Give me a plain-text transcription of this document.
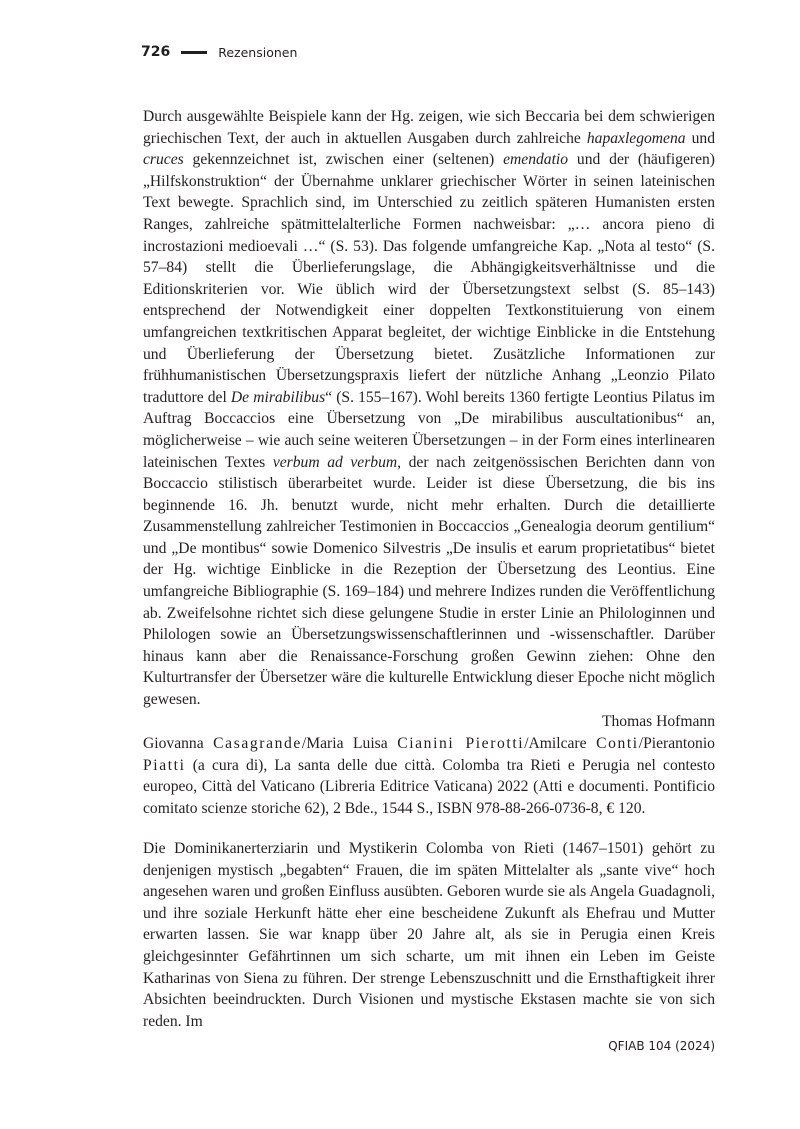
726	Rezensionen

Durch ausgewählte Beispiele kann der Hg. zeigen, wie sich Beccaria bei dem schwierigen griechischen Text, der auch in aktuellen Ausgaben durch zahlreiche hapaxlegomena und cruces gekennzeichnet ist, zwischen einer (seltenen) emendatio und der (häufigeren) „Hilfskonstruktion“ der Übernahme unklarer griechischer Wörter in seinen lateinischen Text bewegte. Sprachlich sind, im Unterschied zu zeitlich späteren Humanisten ersten Ranges, zahlreiche spätmittelalterliche Formen nachweisbar: „… ancora pieno di incrostazioni medioevali …“ (S. 53). Das folgende umfangreiche Kap. „Nota al testo“ (S. 57–84) stellt die Überlieferungslage, die Abhängigkeitsverhältnisse und die Editionskriterien vor. Wie üblich wird der Übersetzungstext selbst (S. 85–143) entsprechend der Notwendigkeit einer doppelten Textkonstituierung von einem umfangreichen textkritischen Apparat begleitet, der wichtige Einblicke in die Entstehung und Überlieferung der Übersetzung bietet. Zusätzliche Informationen zur frühhumanistischen Übersetzungspraxis liefert der nützliche Anhang „Leonzio Pilato traduttore del De mirabilibus“ (S. 155–167). Wohl bereits 1360 fertigte Leontius Pilatus im Auftrag Boccaccios eine Übersetzung von „De mirabilibus auscultationibus“ an, möglicherweise – wie auch seine weiteren Übersetzungen – in der Form eines interlinearen lateinischen Textes verbum ad verbum, der nach zeitgenössischen Berichten dann von Boccaccio stilistisch überarbeitet wurde. Leider ist diese Übersetzung, die bis ins beginnende 16. Jh. benutzt wurde, nicht mehr erhalten. Durch die detaillierte Zusammenstellung zahlreicher Testimonien in Boccaccios „Genealogia deorum gentilium“ und „De montibus“ sowie Domenico Silvestris „De insulis et earum proprietatibus“ bietet der Hg. wichtige Einblicke in die Rezeption der Übersetzung des Leontius. Eine umfangreiche Bibliographie (S. 169–184) und mehrere Indizes runden die Veröffentlichung ab. Zweifelsohne richtet sich diese gelungene Studie in erster Linie an Philologinnen und Philologen sowie an Übersetzungswissenschaftlerinnen und -wissenschaftler. Darüber hinaus kann aber die Renaissance-Forschung großen Gewinn ziehen: Ohne den Kulturtransfer der Übersetzer wäre die kulturelle Entwicklung dieser Epoche nicht möglich gewesen.

Thomas Hofmann

Giovanna Casagrande/Maria Luisa Cianini Pierotti/Amilcare Conti/Pierantonio Piatti (a cura di), La santa delle due città. Colomba tra Rieti e Perugia nel contesto europeo, Città del Vaticano (Libreria Editrice Vaticana) 2022 (Atti e documenti. Pontificio comitato scienze storiche 62), 2 Bde., 1544 S., ISBN 978-88-266-0736-8, € 120.

Die Dominikanerterziarin und Mystikerin Colomba von Rieti (1467–1501) gehört zu denjenigen mystisch „begabten“ Frauen, die im späten Mittelalter als „sante vive“ hoch angesehen waren und großen Einfluss ausübten. Geboren wurde sie als Angela Guadagnoli, und ihre soziale Herkunft hätte eher eine bescheidene Zukunft als Ehefrau und Mutter erwarten lassen. Sie war knapp über 20 Jahre alt, als sie in Perugia einen Kreis gleichgesinnter Gefährtinnen um sich scharte, um mit ihnen ein Leben im Geiste Katharinas von Siena zu führen. Der strenge Lebenszuschnitt und die Ernsthaftigkeit ihrer Absichten beeindruckten. Durch Visionen und mystische Ekstasen machte sie von sich reden. Im

QFIAB 104 (2024)
